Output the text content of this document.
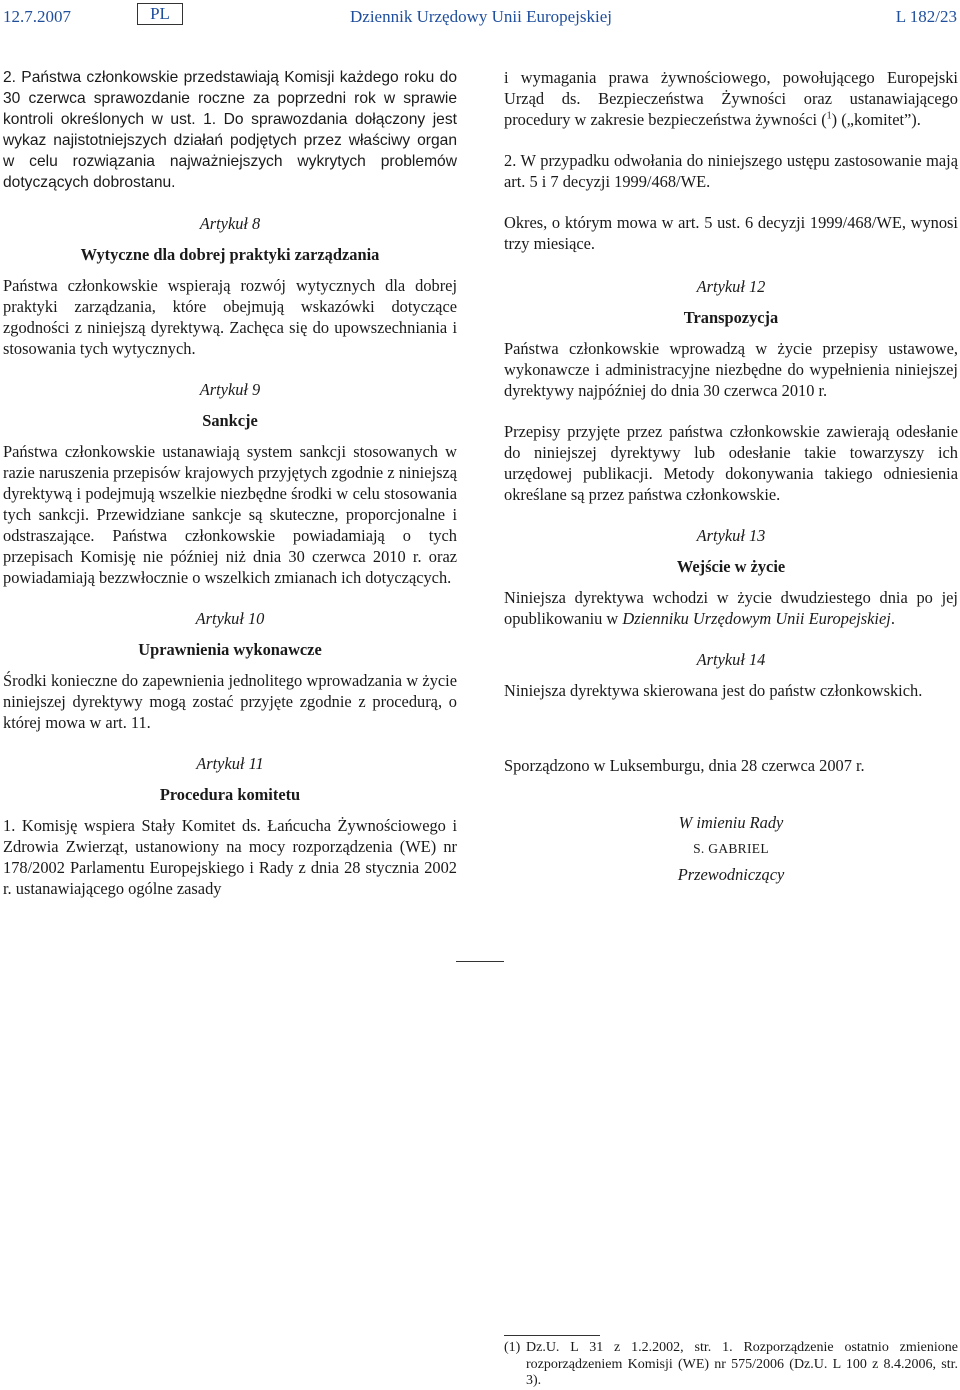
12.7.2007	PL	Dziennik Urzędowy Unii Europejskiej	L 182/23

2. Państwa członkowskie przedstawiają Komisji każdego roku do 30 czerwca sprawozdanie roczne za poprzedni rok w sprawie kontroli określonych w ust. 1. Do sprawozdania dołączony jest wykaz najistotniejszych działań podjętych przez właściwy organ w celu rozwiązania najważniejszych wykrytych problemów dotyczących dobrostanu.

Artykuł 8

Wytyczne dla dobrej praktyki zarządzania

Państwa członkowskie wspierają rozwój wytycznych dla dobrej praktyki zarządzania, które obejmują wskazówki dotyczące zgodności z niniejszą dyrektywą. Zachęca się do upowszechniania i stosowania tych wytycznych.

Artykuł 9

Sankcje

Państwa członkowskie ustanawiają system sankcji stosowanych w razie naruszenia przepisów krajowych przyjętych zgodnie z niniejszą dyrektywą i podejmują wszelkie niezbędne środki w celu stosowania tych sankcji. Przewidziane sankcje są skuteczne, proporcjonalne i odstraszające. Państwa członkowskie powiadamiają o tych przepisach Komisję nie później niż dnia 30 czerwca 2010 r. oraz powiadamiają bezzwłocznie o wszelkich zmianach ich dotyczących.

Artykuł 10

Uprawnienia wykonawcze

Środki konieczne do zapewnienia jednolitego wprowadzania w życie niniejszej dyrektywy mogą zostać przyjęte zgodnie z procedurą, o której mowa w art. 11.

Artykuł 11

Procedura komitetu

1. Komisję wspiera Stały Komitet ds. Łańcucha Żywnościowego i Zdrowia Zwierząt, ustanowiony na mocy rozporządzenia (WE) nr 178/2002 Parlamentu Europejskiego i Rady z dnia 28 stycznia 2002 r. ustanawiającego ogólne zasady

i wymagania prawa żywnościowego, powołującego Europejski Urząd ds. Bezpieczeństwa Żywności oraz ustanawiającego procedury w zakresie bezpieczeństwa żywności ($^1$) („komitet”).

2. W przypadku odwołania do niniejszego ustępu zastosowanie mają art. 5 i 7 decyzji 1999/468/WE.

Okres, o którym mowa w art. 5 ust. 6 decyzji 1999/468/WE, wynosi trzy miesiące.

Artykuł 12

Transpozycja

Państwa członkowskie wprowadzą w życie przepisy ustawowe, wykonawcze i administracyjne niezbędne do wypełnienia niniejszej dyrektywy najpóźniej do dnia 30 czerwca 2010 r.

Przepisy przyjęte przez państwa członkowskie zawierają odesłanie do niniejszej dyrektywy lub odesłanie takie towarzyszy ich urzędowej publikacji. Metody dokonywania takiego odniesienia określane są przez państwa członkowskie.

Artykuł 13

Wejście w życie

Niniejsza dyrektywa wchodzi w życie dwudziestego dnia po jej opublikowaniu w Dzienniku Urzędowym Unii Europejskiej.

Artykuł 14

Niniejsza dyrektywa skierowana jest do państw członkowskich.

Sporządzono w Luksemburgu, dnia 28 czerwca 2007 r.

W imieniu Rady
S. GABRIEL
Przewodniczący
(1) Dz.U. L 31 z 1.2.2002, str. 1. Rozporządzenie ostatnio zmienione rozporządzeniem Komisji (WE) nr 575/2006 (Dz.U. L 100 z 8.4.2006, str. 3).
